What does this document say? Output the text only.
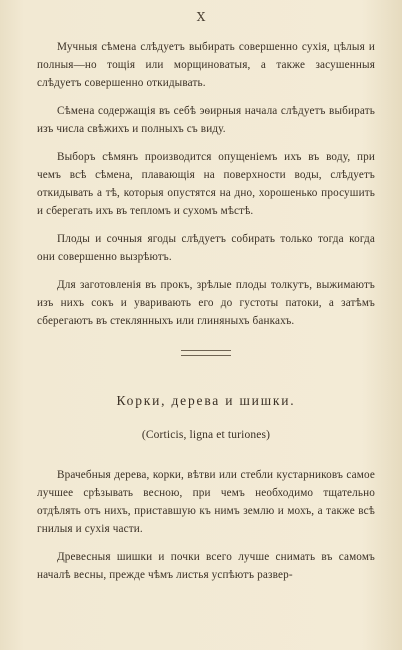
X

Мучныя сѣмена слѣдуетъ выбирать совершенно сухія, цѣлыя и полныя—но тощія или морщиноватыя, а также засушенныя слѣдуетъ совершенно откидывать.

Сѣмена содержащія въ себѣ эѳирныя начала слѣдуетъ выбирать изъ числа свѣжихъ и полныхъ съ виду.

Выборъ сѣмянъ производится опущеніемъ ихъ въ воду, при чемъ всѣ сѣмена, плавающія на поверхности воды, слѣдуетъ откидывать а тѣ, которыя опустятся на дно, хорошенько просушить и сберегать ихъ въ тепломъ и сухомъ мѣстѣ.

Плоды и сочныя ягоды слѣдуетъ собирать только тогда когда они совершенно вызрѣютъ.

Для заготовленія въ прокъ, зрѣлые плоды толкутъ, выжимаютъ изъ нихъ сокъ и уваривають его до густоты патоки, а затѣмъ сберегаютъ въ стеклянныхъ или глиняныхъ банкахъ.

Корки, дерева и шишки.
(Corticis, ligna et turiones)

Врачебныя дерева, корки, вѣтви или стебли кустарниковъ самое лучшее срѣзывать весною, при чемъ необходимо тщательно отдѣлять отъ нихъ, приставшую къ нимъ землю и мохъ, а также всѣ гнилыя и сухія части.

Древесныя шишки и почки всего лучше снимать въ самомъ началѣ весны, прежде чѣмъ листья успѣютъ развер-
